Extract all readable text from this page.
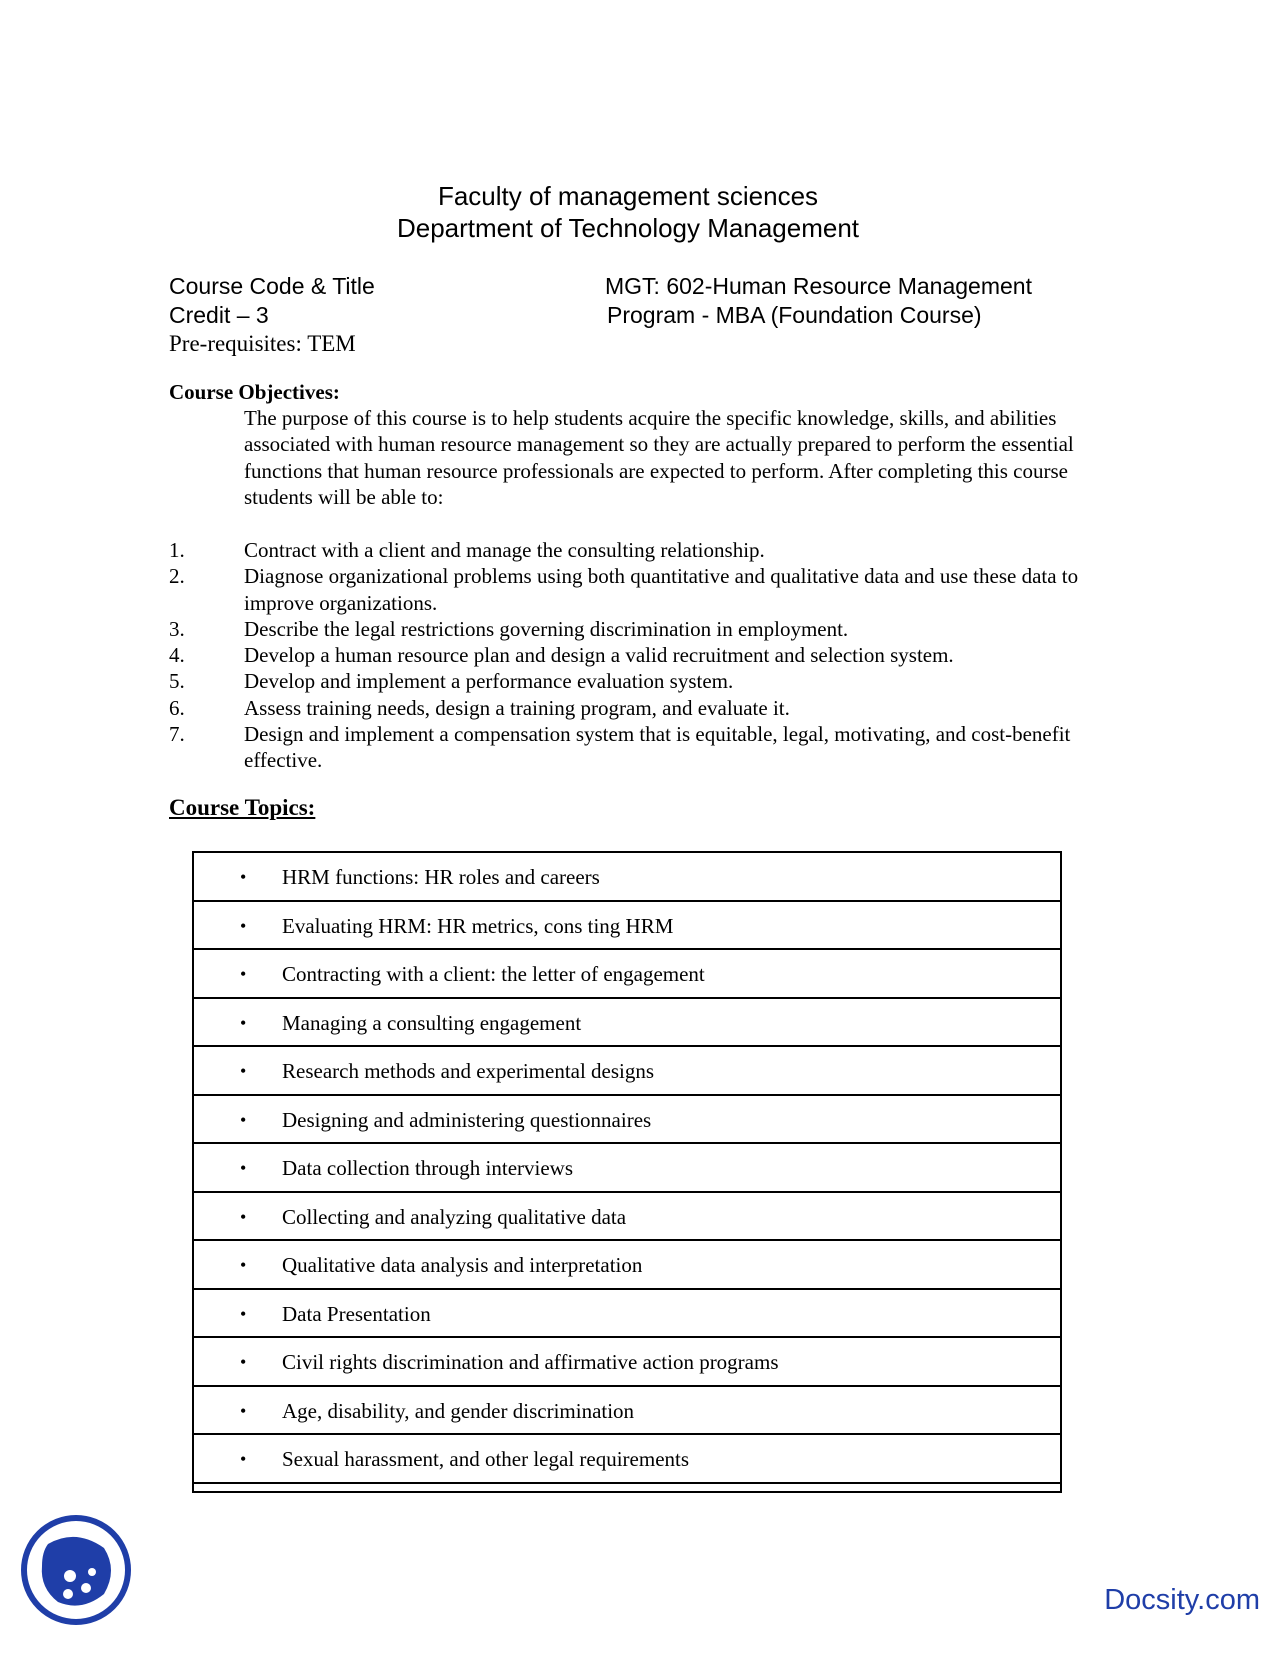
Faculty of management sciences
Department of Technology Management
Course Code & Title	MGT: 602-Human Resource Management
Credit – 3	Program - MBA (Foundation Course)
Pre-requisites: TEM
Course Objectives:
The purpose of this course is to help students acquire the specific knowledge, skills, and abilities associated with human resource management so they are actually prepared to perform the essential functions that human resource professionals are expected to perform. After completing this course students will be able to:
1.	Contract with a client and manage the consulting relationship.
2.	Diagnose organizational problems using both quantitative and qualitative data and use these data to improve organizations.
3.	Describe the legal restrictions governing discrimination in employment.
4.	Develop a human resource plan and design a valid recruitment and selection system.
5.	Develop and implement a performance evaluation system.
6.	Assess training needs, design a training program, and evaluate it.
7.	Design and implement a compensation system that is equitable, legal, motivating, and cost-benefit effective.
Course Topics:
• HRM functions: HR roles and careers
• Evaluating HRM: HR metrics, cons ting HRM
• Contracting with a client: the letter of engagement
• Managing a consulting engagement
• Research methods and experimental designs
• Designing and administering questionnaires
• Data collection through interviews
• Collecting and analyzing qualitative data
• Qualitative data analysis and interpretation
• Data Presentation
• Civil rights discrimination and affirmative action programs
• Age, disability, and gender discrimination
• Sexual harassment, and other legal requirements
Docsity.com
